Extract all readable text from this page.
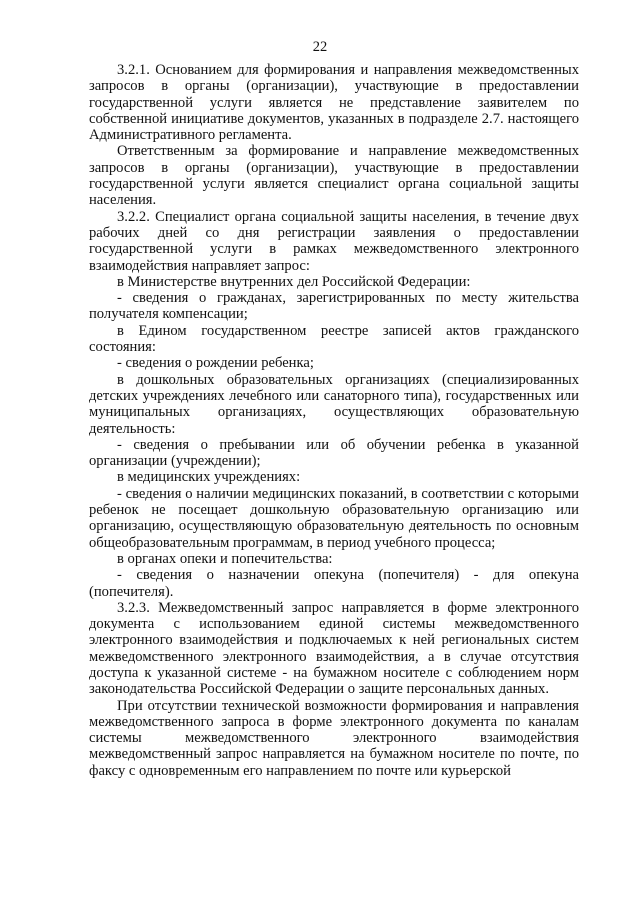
22

3.2.1. Основанием для формирования и направления межведомственных запросов в органы (организации), участвующие в предоставлении государственной услуги является не представление заявителем по собственной инициативе документов, указанных в подразделе 2.7. настоящего Административного регламента.

Ответственным за формирование и направление межведомственных запросов в органы (организации), участвующие в предоставлении государственной услуги является специалист органа социальной защиты населения.

3.2.2. Специалист органа социальной защиты населения, в течение двух рабочих дней со дня регистрации заявления о предоставлении государственной услуги в рамках межведомственного электронного взаимодействия направляет запрос:

в Министерстве внутренних дел Российской Федерации:

- сведения о гражданах, зарегистрированных по месту жительства получателя компенсации;

в Едином государственном реестре записей актов гражданского состояния:

- сведения о рождении ребенка;

в дошкольных образовательных организациях (специализированных детских учреждениях лечебного или санаторного типа), государственных или муниципальных организациях, осуществляющих образовательную деятельность:

- сведения о пребывании или об обучении ребенка в указанной организации (учреждении);

в медицинских учреждениях:

- сведения о наличии медицинских показаний, в соответствии с которыми ребенок не посещает дошкольную образовательную организацию или организацию, осуществляющую образовательную деятельность по основным общеобразовательным программам, в период учебного процесса;

в органах опеки и попечительства:

- сведения о назначении опекуна (попечителя) - для опекуна (попечителя).

3.2.3. Межведомственный запрос направляется в форме электронного документа с использованием единой системы межведомственного электронного взаимодействия и подключаемых к ней региональных систем межведомственного электронного взаимодействия, а в случае отсутствия доступа к указанной системе - на бумажном носителе с соблюдением норм законодательства Российской Федерации о защите персональных данных.

При отсутствии технической возможности формирования и направления межведомственного запроса в форме электронного документа по каналам системы межведомственного электронного взаимодействия межведомственный запрос направляется на бумажном носителе по почте, по факсу с одновременным его направлением по почте или курьерской
